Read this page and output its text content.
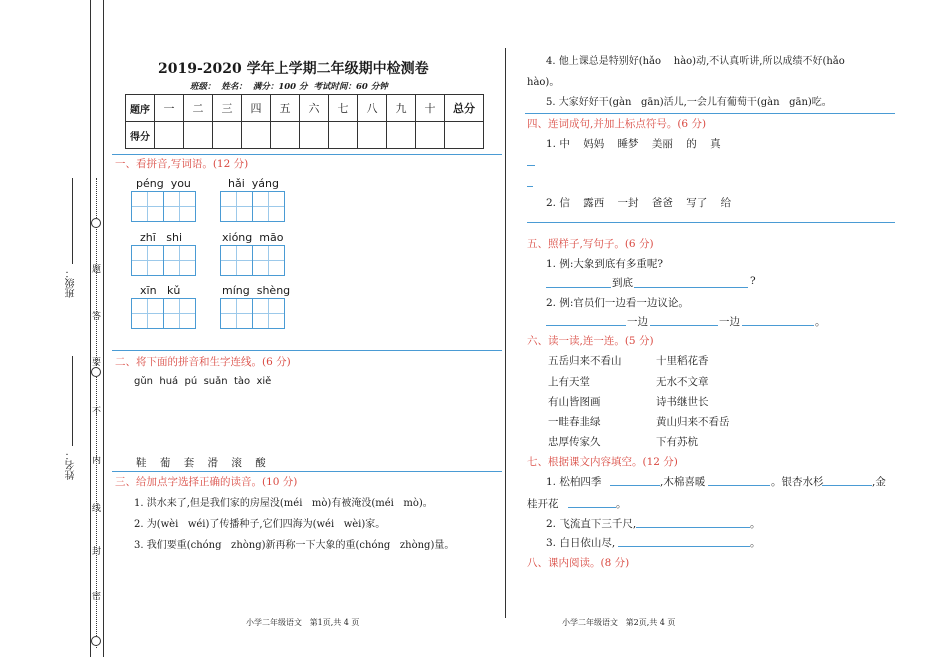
题
答
要
不
内
线
封
密
班级：
姓名：
2019-2020 学年上学期二年级期中检测卷
班级：  姓名：  满分：100 分  考试时间：60 分钟
题序	一	二	三	四	五	六	七	八	九	十	总分
得分											
一、看拼音,写词语。(12 分)
péng  you	hǎi  yáng
zhī   shi	xióng  māo
xīn   kǔ	míng  shèng
二、将下面的拼音和生字连线。(6 分)
gǔn  huá  pú  suǎn  tào  xiě
鞋    葡    套    滑    滚    酸
三、给加点字选择正确的读音。(10 分)
1. 洪水来了,但是我们家的房屋没(méi   mò)有被淹没(méi   mò)。
2. 为(wèi   wéi)了传播种子,它们四海为(wéi   wèi)家。
3. 我们要重(chóng   zhòng)新再称一下大象的重(chóng   zhòng)量。
4. 他上课总是特别好(hǎo    hào)动,不认真听讲,所以成绩不好(hǎo
hào)。
5. 大家好好干(gàn   gān)活儿,一会儿有葡萄干(gàn   gān)吃。
四、连词成句,并加上标点符号。(6 分)
1. 中    妈妈    睡梦    美丽    的    真
2. 信    露西    一封    爸爸    写了    给
五、照样子,写句子。(6 分)
1. 例:大象到底有多重呢?
到底	?
2. 例:官员们一边看一边议论。
一边	一边	。
六、读一读,连一连。(5 分)
五岳归来不看山	十里稻花香
上有天堂	无水不文章
有山皆图画	诗书继世长
一畦春韭绿	黄山归来不看岳
忠厚传家久	下有苏杭
七、根据课文内容填空。(12 分)
1. 松柏四季	,木棉喜暖	。银杏水杉	,金
桂开花	。
2. 飞流直下三千尺,	。
3. 白日依山尽,	。
八、课内阅读。(8 分)
小学二年级语文   第1页,共 4 页	小学二年级语文   第2页,共 4 页
